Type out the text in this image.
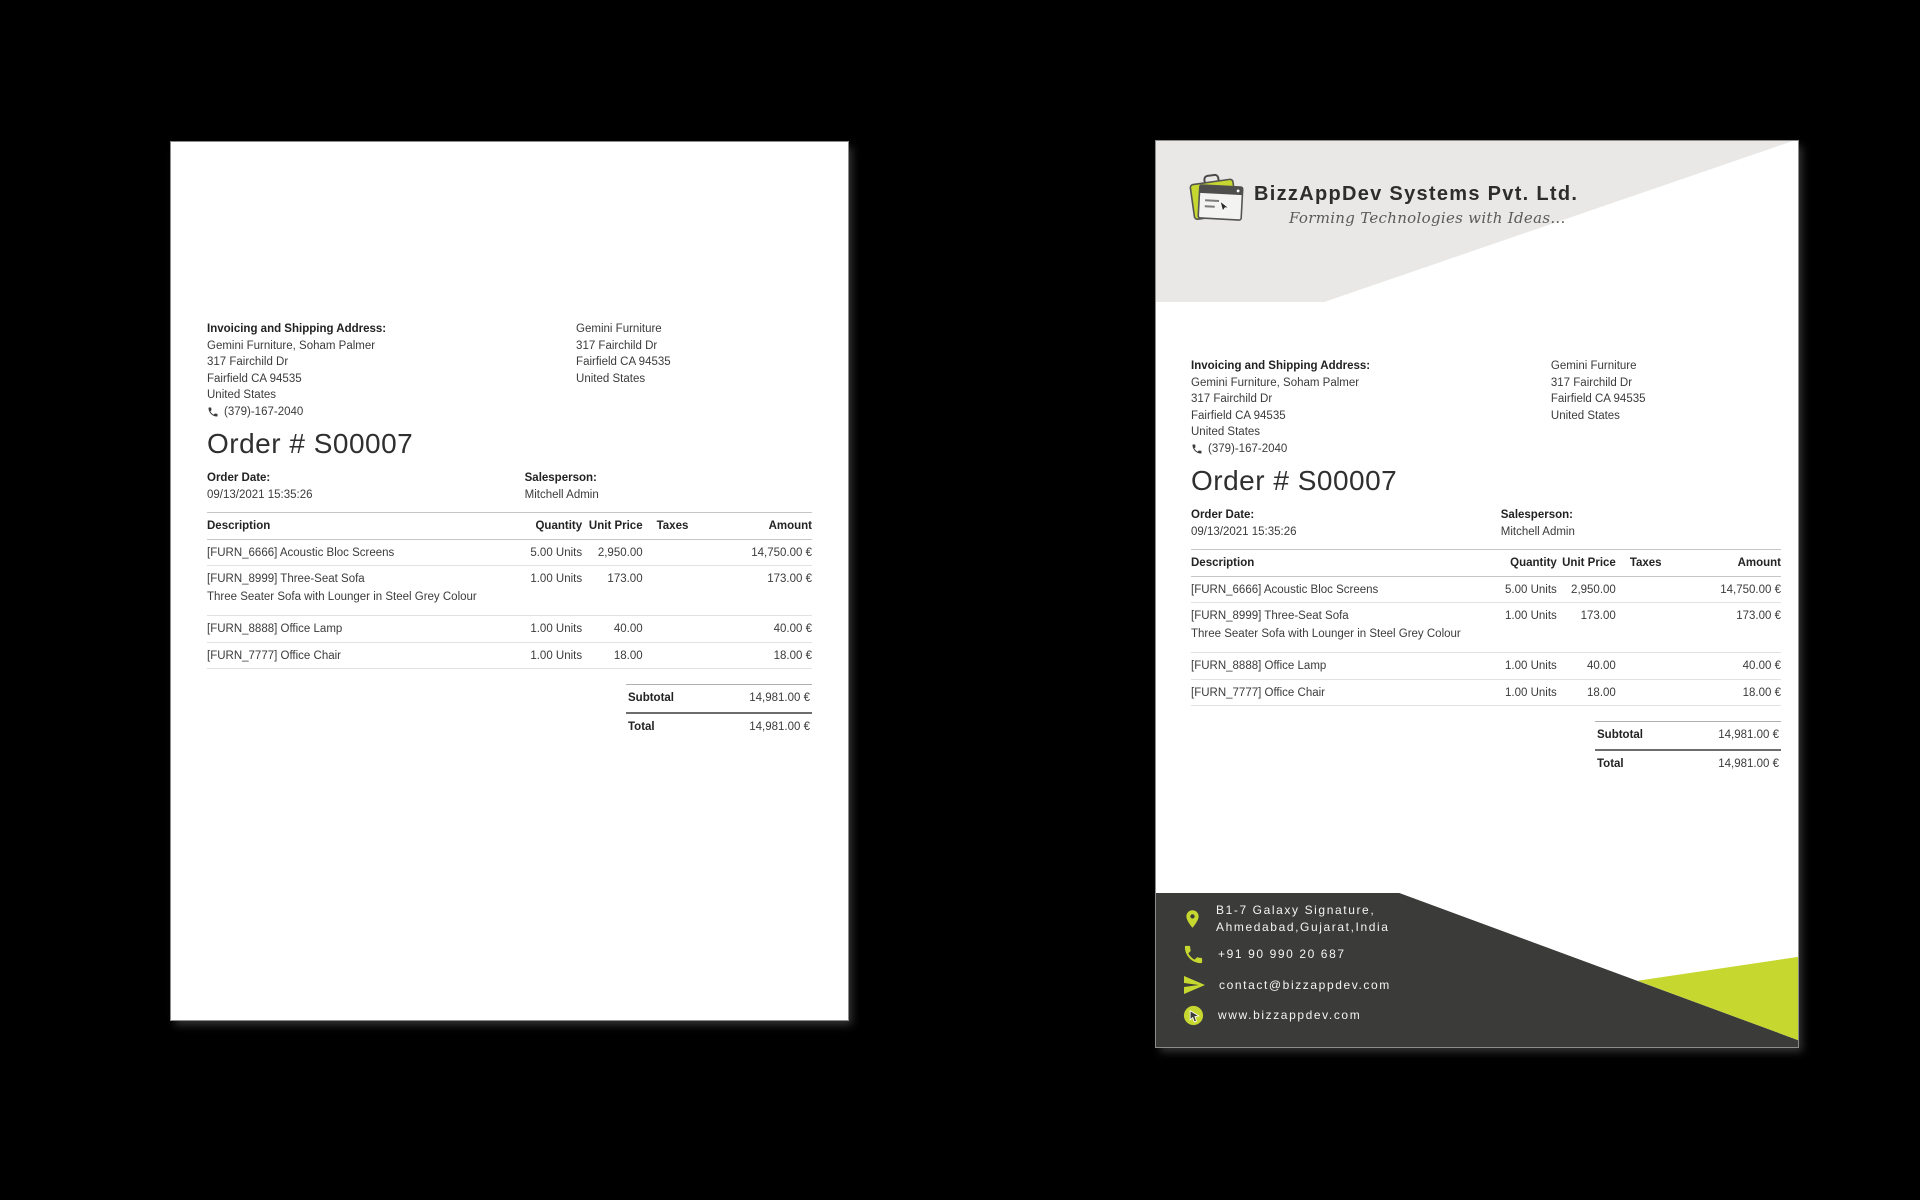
Invoicing and Shipping Address:
Gemini Furniture, Soham Palmer
317 Fairchild Dr
Fairfield CA 94535
United States
(379)-167-2040
Gemini Furniture
317 Fairchild Dr
Fairfield CA 94535
United States
Order # S00007
Order Date:
09/13/2021 15:35:26
Salesperson:
Mitchell Admin
Description	Quantity Unit Price	Taxes	Amount
[FURN_6666] Acoustic Bloc Screens	5.00 Units	2,950.00	14,750.00 €
[FURN_8999] Three-Seat Sofa	1.00 Units	173.00	173.00 €
Three Seater Sofa with Lounger in Steel Grey Colour
[FURN_8888] Office Lamp	1.00 Units	40.00	40.00 €
[FURN_7777] Office Chair	1.00 Units	18.00	18.00 €
Subtotal	14,981.00 €
Total	14,981.00 €
BizzAppDev Systems Pvt. Ltd.
Forming Technologies with Ideas...
Invoicing and Shipping Address:
Gemini Furniture, Soham Palmer
317 Fairchild Dr
Fairfield CA 94535
United States
(379)-167-2040
Gemini Furniture
317 Fairchild Dr
Fairfield CA 94535
United States
Order # S00007
Order Date:
09/13/2021 15:35:26
Salesperson:
Mitchell Admin
Description	Quantity Unit Price	Taxes	Amount
[FURN_6666] Acoustic Bloc Screens	5.00 Units	2,950.00	14,750.00 €
[FURN_8999] Three-Seat Sofa	1.00 Units	173.00	173.00 €
Three Seater Sofa with Lounger in Steel Grey Colour
[FURN_8888] Office Lamp	1.00 Units	40.00	40.00 €
[FURN_7777] Office Chair	1.00 Units	18.00	18.00 €
Subtotal	14,981.00 €
Total	14,981.00 €
B1-7 Galaxy Signature,
Ahmedabad,Gujarat,India
+91 90 990 20 687
contact@bizzappdev.com
www.bizzappdev.com
